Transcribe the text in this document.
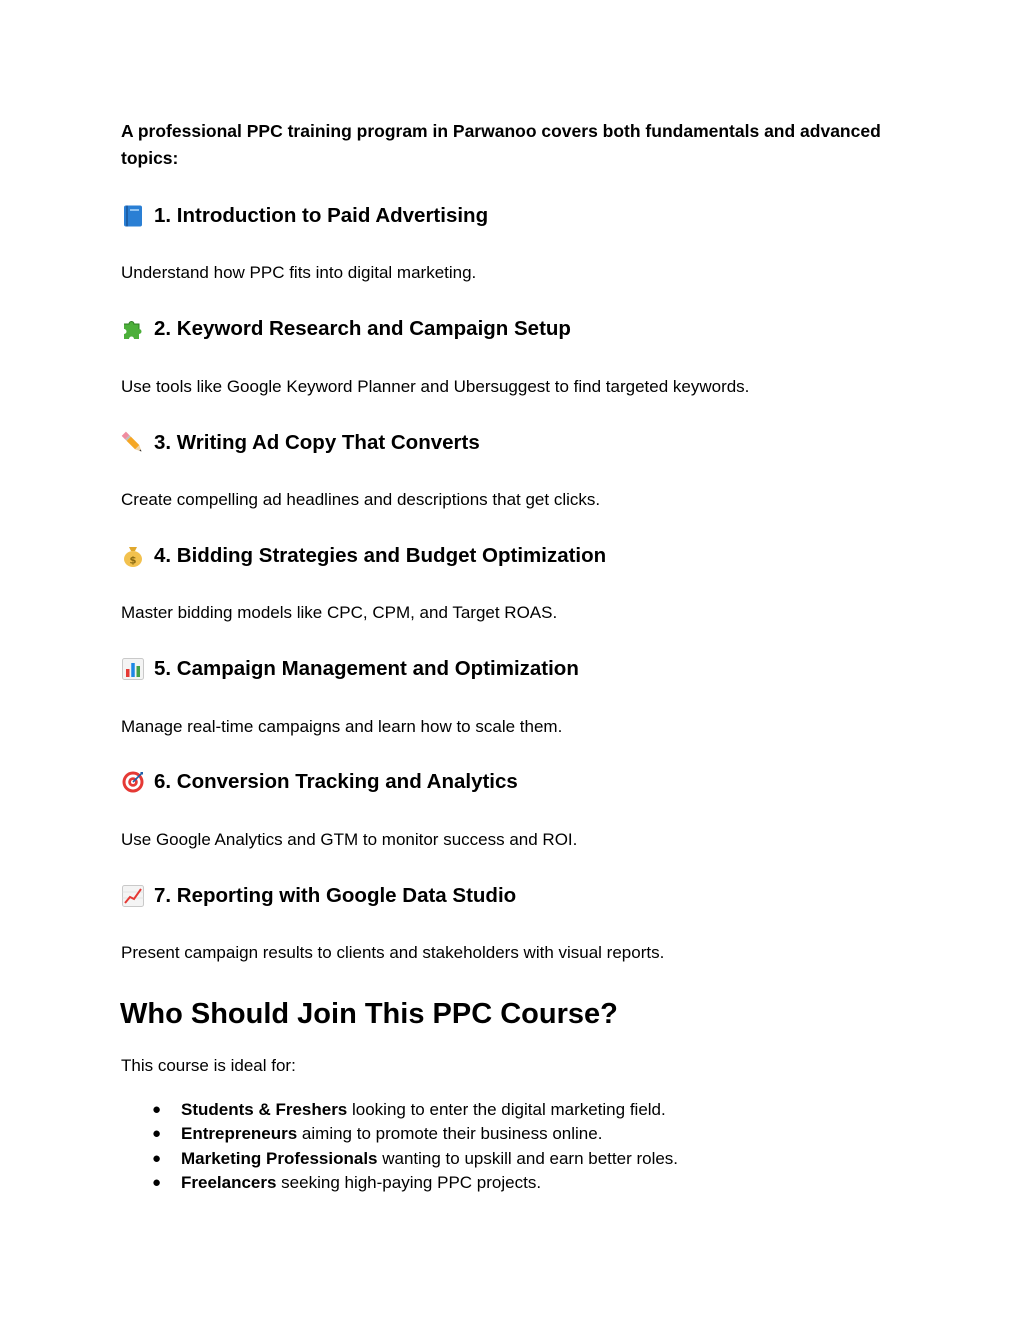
A professional PPC training program in Parwanoo covers both fundamentals and advanced topics:

1. Introduction to Paid Advertising

Understand how PPC fits into digital marketing.

2. Keyword Research and Campaign Setup

Use tools like Google Keyword Planner and Ubersuggest to find targeted keywords.

3. Writing Ad Copy That Converts

Create compelling ad headlines and descriptions that get clicks.

$ 4. Bidding Strategies and Budget Optimization

Master bidding models like CPC, CPM, and Target ROAS.

5. Campaign Management and Optimization

Manage real-time campaigns and learn how to scale them.

6. Conversion Tracking and Analytics

Use Google Analytics and GTM to monitor success and ROI.

7. Reporting with Google Data Studio

Present campaign results to clients and stakeholders with visual reports.

Who Should Join This PPC Course?

This course is ideal for:

● Students & Freshers looking to enter the digital marketing field.
● Entrepreneurs aiming to promote their business online.
● Marketing Professionals wanting to upskill and earn better roles.
● Freelancers seeking high-paying PPC projects.
